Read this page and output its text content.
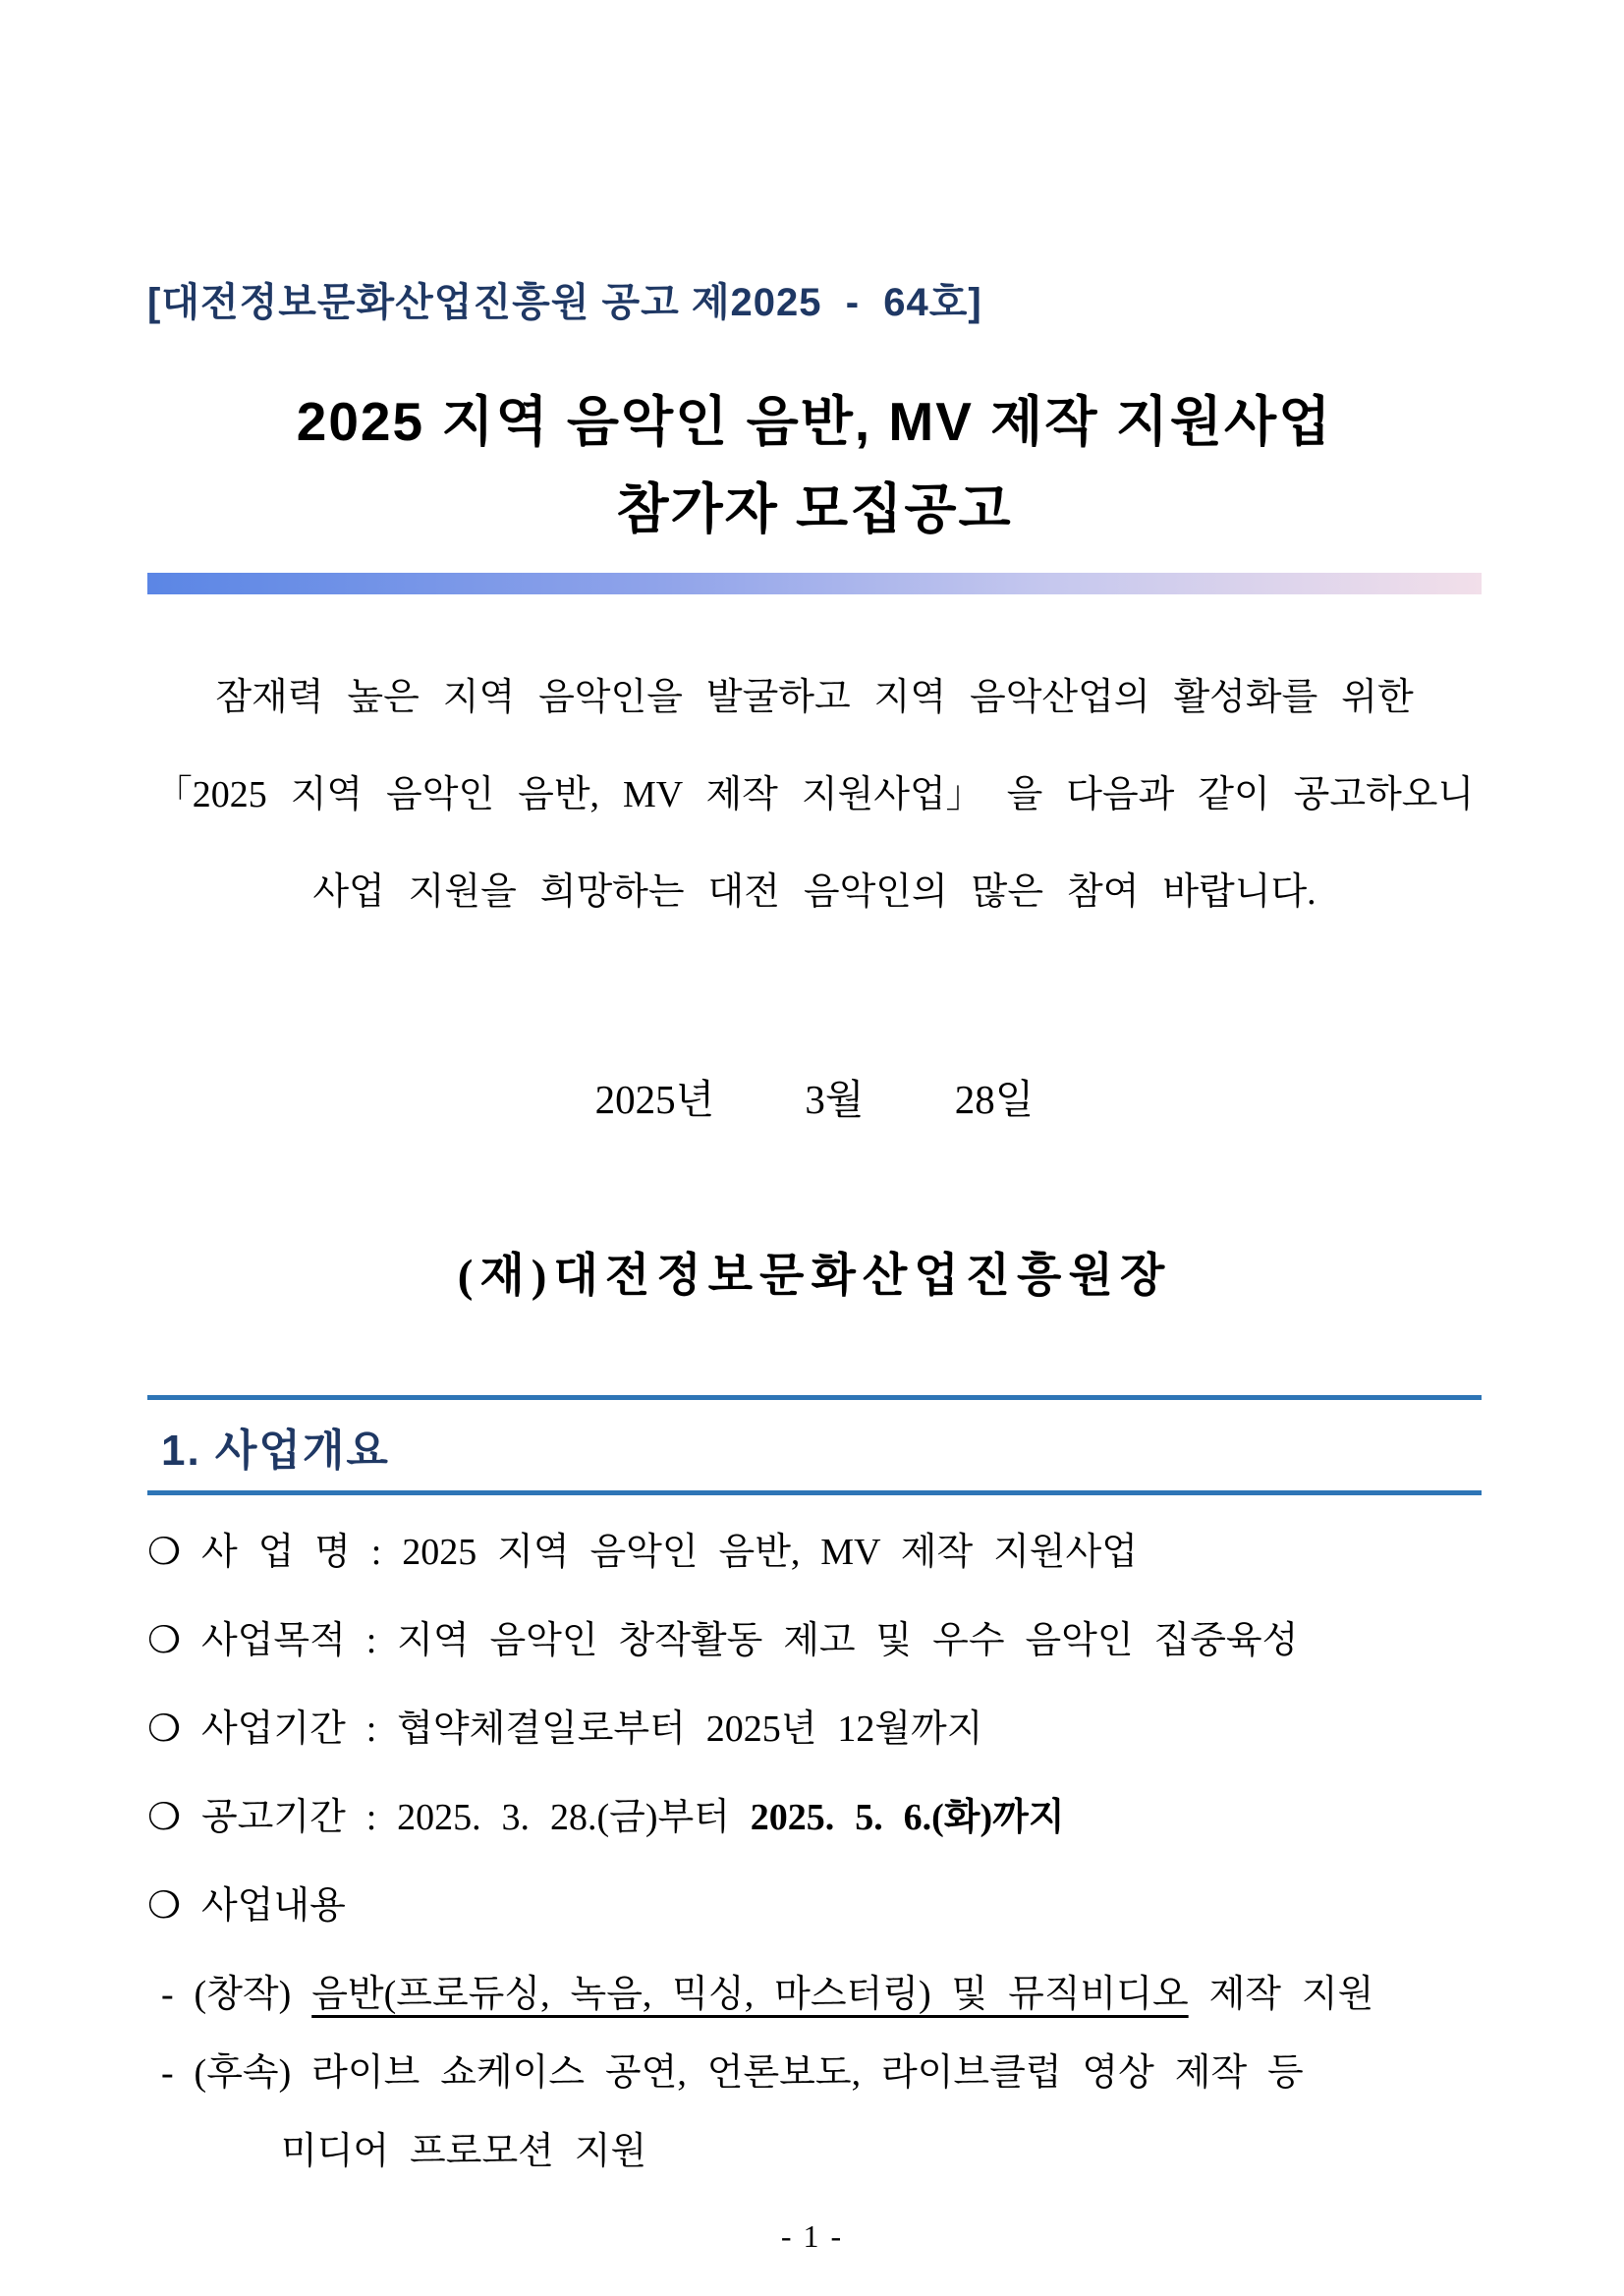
[대전정보문화산업진흥원 공고 제2025  -  64호]
2025 지역 음악인 음반, MV 제작 지원사업
참가자 모집공고
잠재력 높은 지역 음악인을 발굴하고 지역 음악산업의 활성화를 위한
「2025 지역 음악인 음반, MV 제작 지원사업」 을 다음과 같이 공고하오니
사업 지원을 희망하는 대전 음악인의 많은 참여 바랍니다.
2025년   3월   28일
(재)대전정보문화산업진흥원장
1. 사업개요
❍ 사 업 명 : 2025 지역 음악인 음반, MV 제작 지원사업
❍ 사업목적 : 지역 음악인 창작활동 제고 및 우수 음악인 집중육성
❍ 사업기간 : 협약체결일로부터 2025년 12월까지
❍ 공고기간 : 2025. 3. 28.(금)부터 2025. 5. 6.(화)까지
❍ 사업내용
- (창작) 음반(프로듀싱, 녹음, 믹싱, 마스터링) 및 뮤직비디오 제작 지원
- (후속) 라이브 쇼케이스 공연, 언론보도, 라이브클럽 영상 제작 등
미디어 프로모션 지원
- 1 -
